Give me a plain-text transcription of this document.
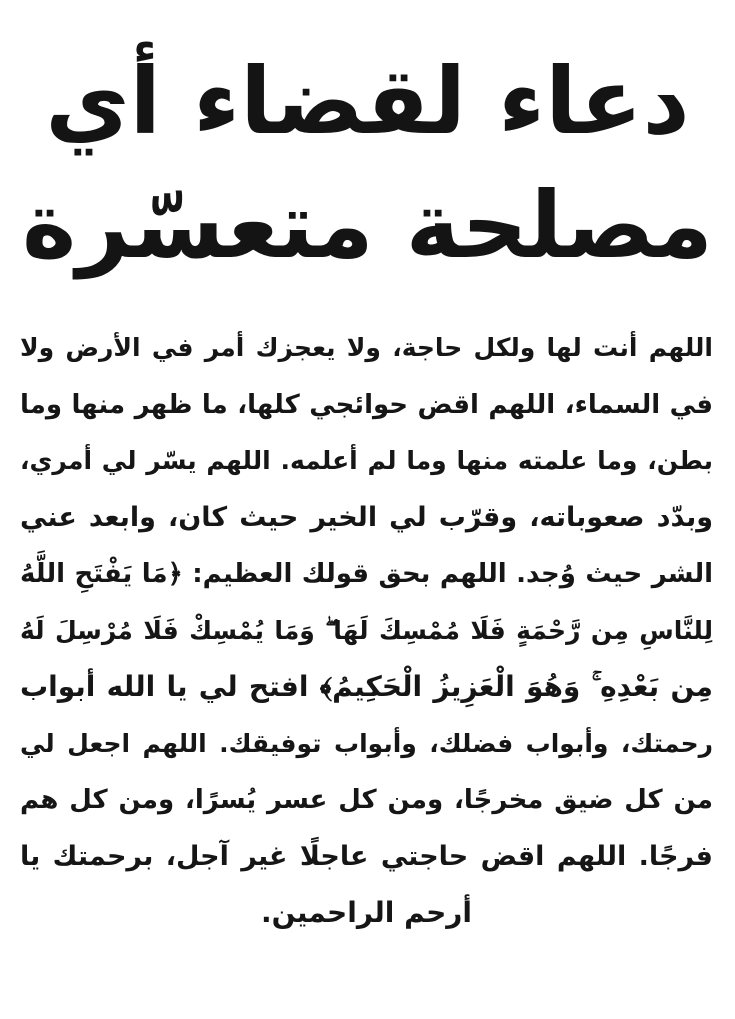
دعاء لقضاء أي
مصلحة متعسّرة
اللهم أنت لها ولكل حاجة، ولا يعجزك أمر في الأرض ولا
في السماء، اللهم اقض حوائجي كلها، ما ظهر منها وما
بطن، وما علمته منها وما لم أعلمه. اللهم يسّر لي أمري،
وبدّد صعوباته، وقرّب لي الخير حيث كان، وابعد عني
الشر حيث وُجد. اللهم بحق قولك العظيم: ﴿مَا يَفْتَحِ اللَّهُ
لِلنَّاسِ مِن رَّحْمَةٍ فَلَا مُمْسِكَ لَهَا ۖ وَمَا يُمْسِكْ فَلَا مُرْسِلَ لَهُ
مِن بَعْدِهِ ۚ وَهُوَ الْعَزِيزُ الْحَكِيمُ﴾ افتح لي يا الله أبواب
رحمتك، وأبواب فضلك، وأبواب توفيقك. اللهم اجعل لي
من كل ضيق مخرجًا، ومن كل عسر يُسرًا، ومن كل هم
فرجًا. اللهم اقض حاجتي عاجلًا غير آجل، برحمتك يا
أرحم الراحمين.
